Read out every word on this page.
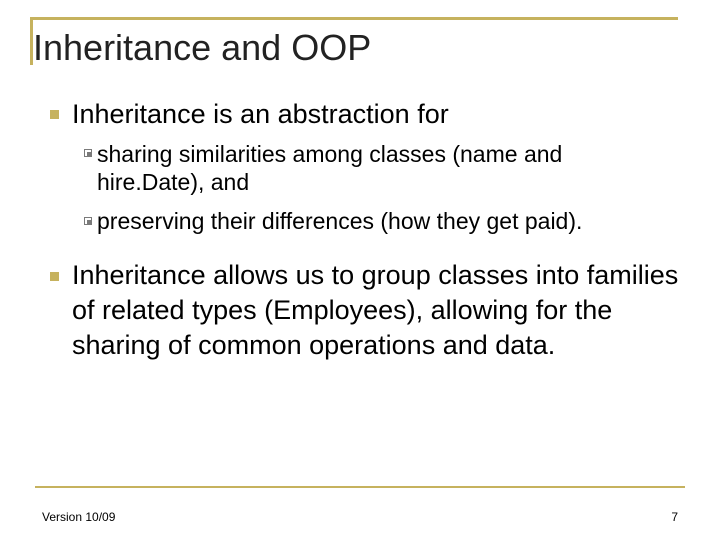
Inheritance and OOP
Inheritance is an abstraction for
sharing similarities among classes (name and hire.Date), and
preserving their differences (how they get paid).
Inheritance allows us to group classes into families of related types (Employees), allowing for the sharing of common operations and data.
Version 10/09	7
